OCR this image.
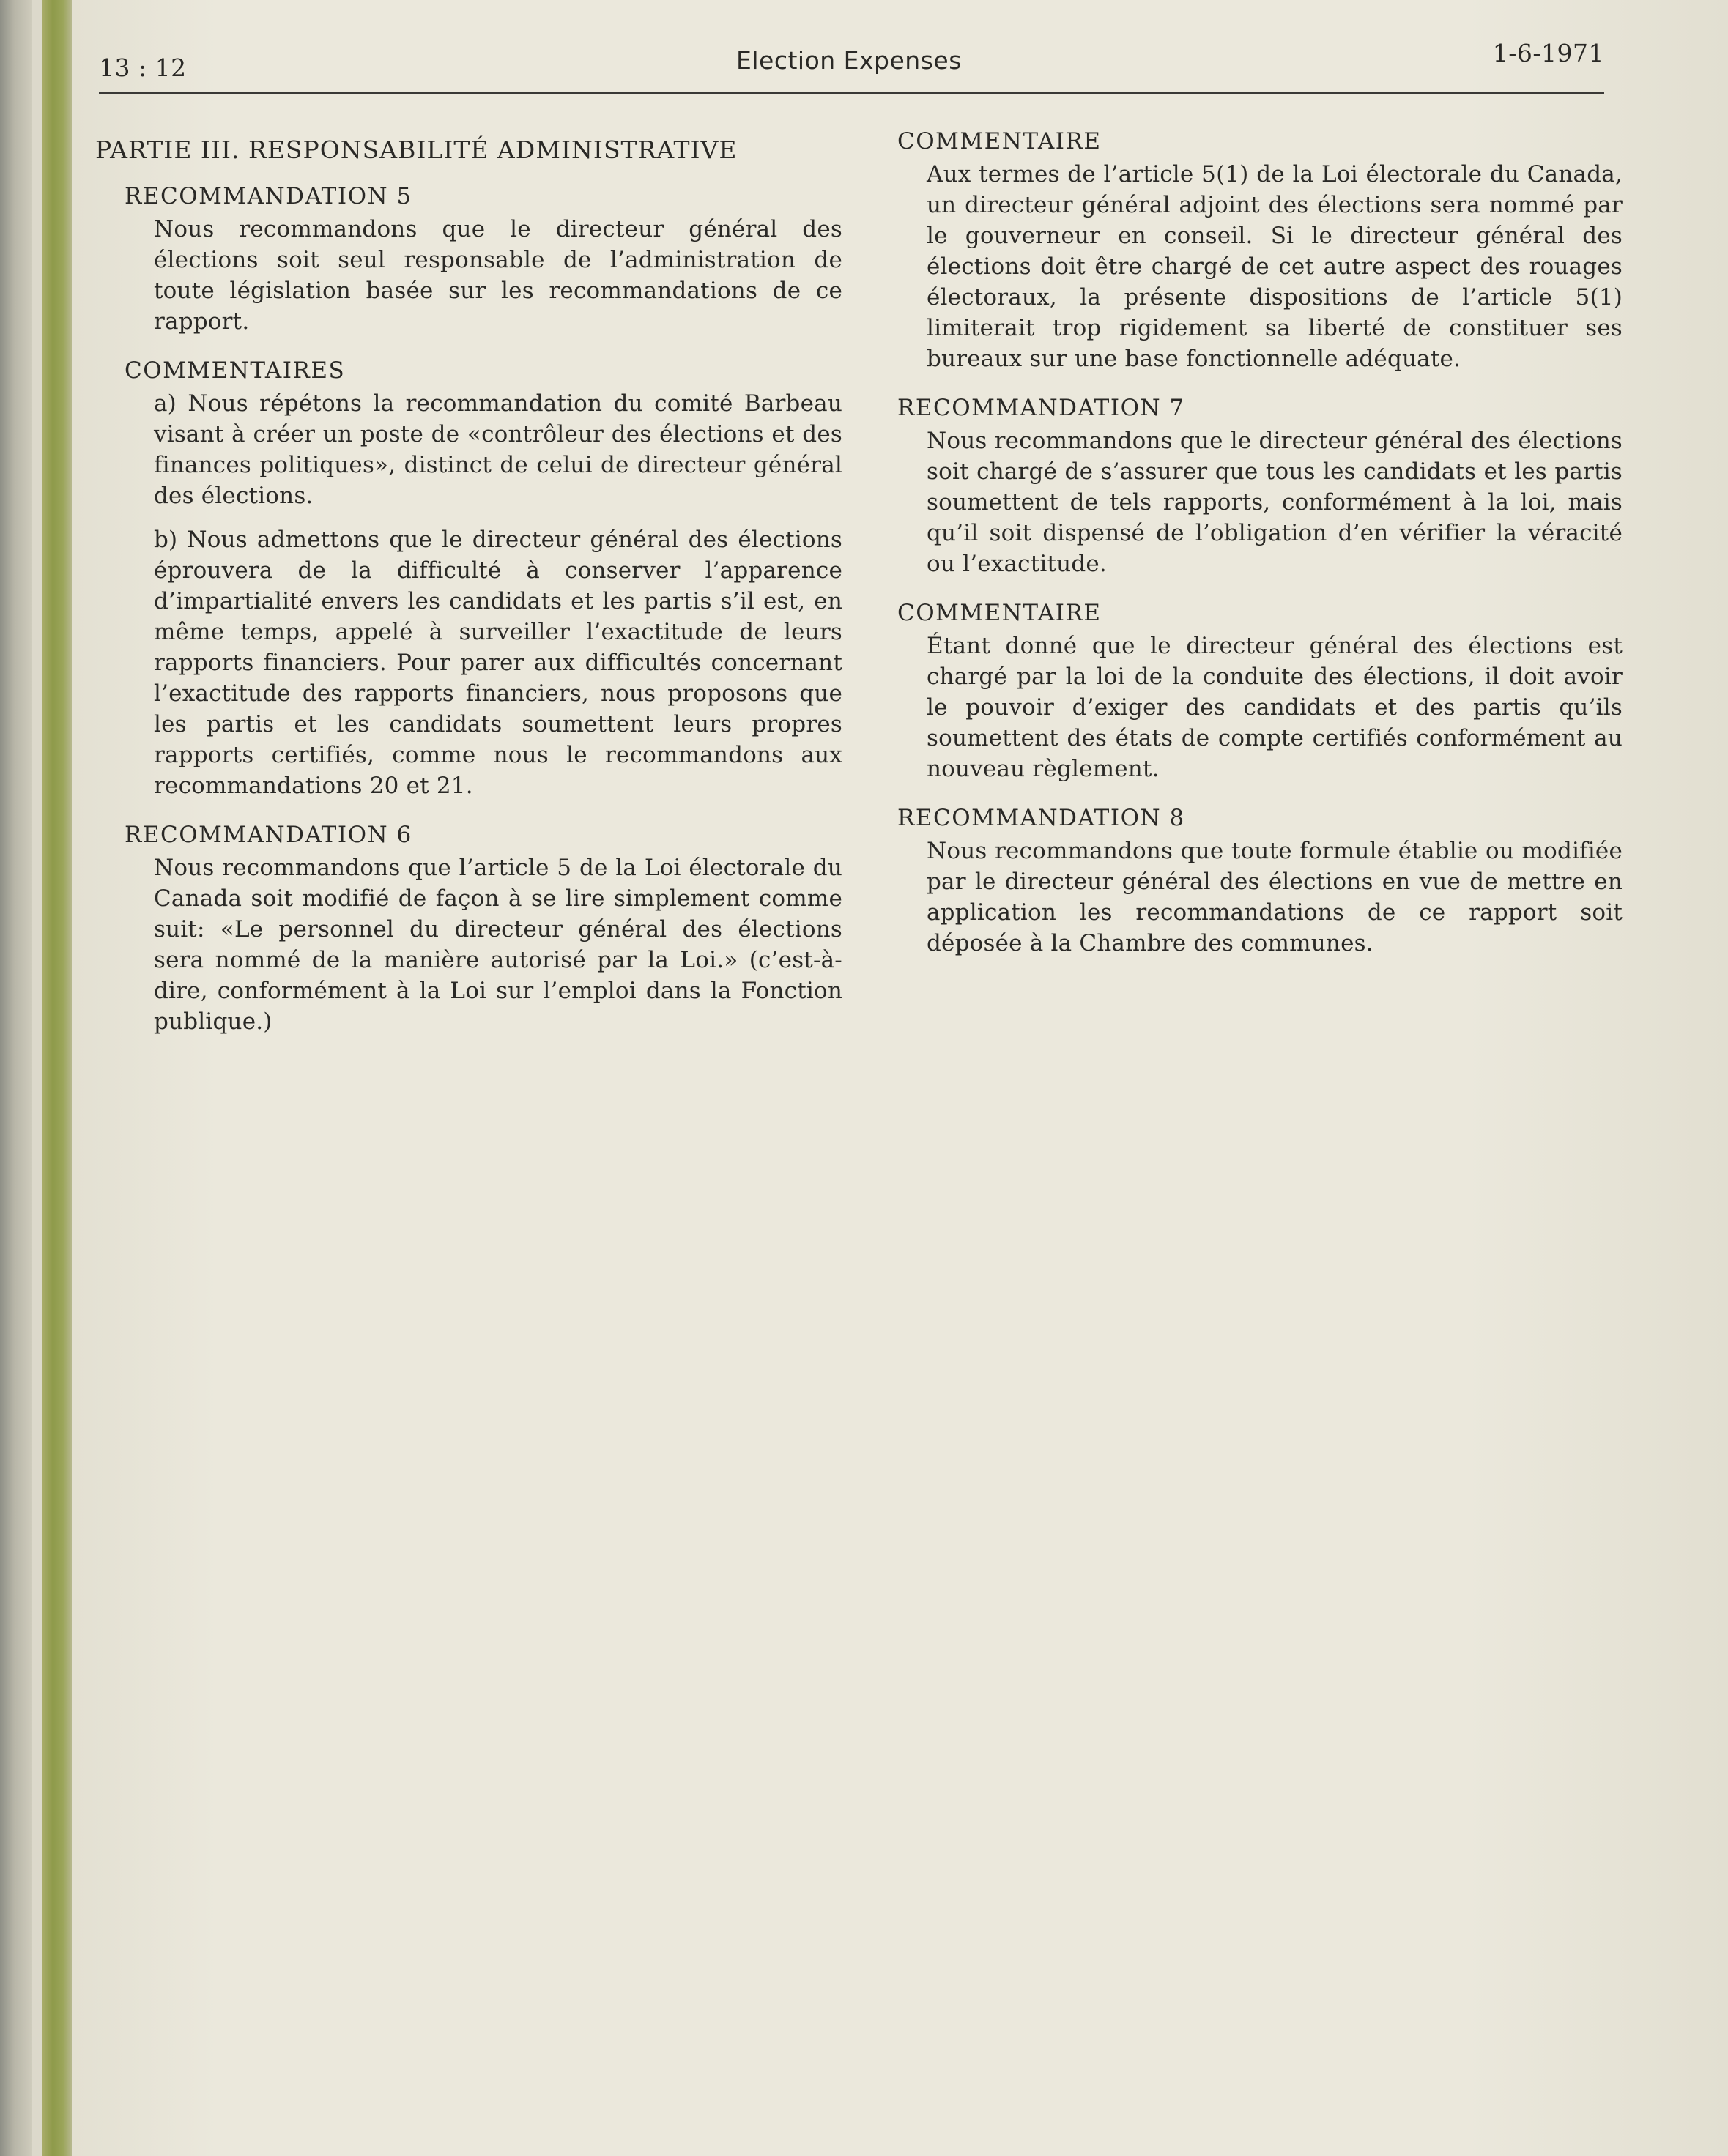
13 : 12	Election Expenses	1-6-1971
PARTIE III. RESPONSABILITÉ ADMINISTRATIVE
RECOMMANDATION 5
Nous recommandons que le directeur général des élections soit seul responsable de l’administration de toute législation basée sur les recommandations de ce rapport.
COMMENTAIRES
a) Nous répétons la recommandation du comité Barbeau visant à créer un poste de «contrôleur des élections et des finances politiques», distinct de celui de directeur général des élections.
b) Nous admettons que le directeur général des élections éprouvera de la difficulté à conserver l’apparence d’impartialité envers les candidats et les partis s’il est, en même temps, appelé à surveiller l’exactitude de leurs rapports financiers. Pour parer aux difficultés concernant l’exactitude des rapports financiers, nous proposons que les partis et les candidats soumettent leurs propres rapports certifiés, comme nous le recommandons aux recommandations 20 et 21.
RECOMMANDATION 6
Nous recommandons que l’article 5 de la Loi électorale du Canada soit modifié de façon à se lire simplement comme suit: «Le personnel du directeur général des élections sera nommé de la manière autorisé par la Loi.» (c’est-à-dire, conformément à la Loi sur l’emploi dans la Fonction publique.)
COMMENTAIRE
Aux termes de l’article 5(1) de la Loi électorale du Canada, un directeur général adjoint des élections sera nommé par le gouverneur en conseil. Si le directeur général des élections doit être chargé de cet autre aspect des rouages électoraux, la présente dispositions de l’article 5(1) limiterait trop rigidement sa liberté de constituer ses bureaux sur une base fonctionnelle adéquate.
RECOMMANDATION 7
Nous recommandons que le directeur général des élections soit chargé de s’assurer que tous les candidats et les partis soumettent de tels rapports, conformément à la loi, mais qu’il soit dispensé de l’obligation d’en vérifier la véracité ou l’exactitude.
COMMENTAIRE
Étant donné que le directeur général des élections est chargé par la loi de la conduite des élections, il doit avoir le pouvoir d’exiger des candidats et des partis qu’ils soumettent des états de compte certifiés conformément au nouveau règlement.
RECOMMANDATION 8
Nous recommandons que toute formule établie ou modifiée par le directeur général des élections en vue de mettre en application les recommandations de ce rapport soit déposée à la Chambre des communes.
